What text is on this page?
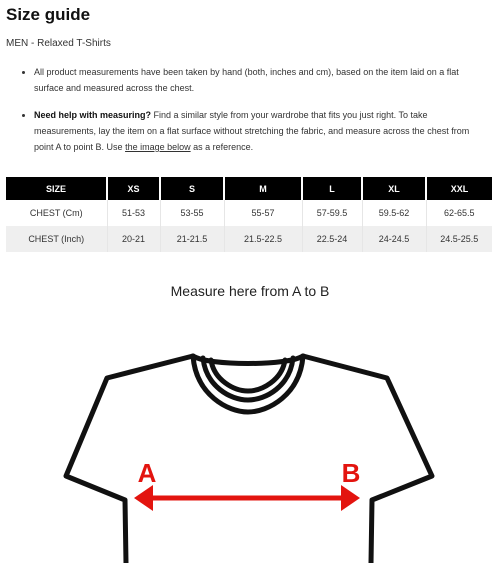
Size guide
MEN - Relaxed T-Shirts
• All product measurements have been taken by hand (both, inches and cm), based on the item laid on a flat surface and measured across the chest.
• Need help with measuring? Find a similar style from your wardrobe that fits you just right. To take measurements, lay the item on a flat surface without stretching the fabric, and measure across the chest from point A to point B. Use the image below as a reference.
SIZE	XS	S	M	L	XL	XXL
CHEST (Cm)	51-53	53-55	55-57	57-59.5	59.5-62	62-65.5
CHEST (Inch)	20-21	21-21.5	21.5-22.5	22.5-24	24-24.5	24.5-25.5
Measure here from A to B
A	B
